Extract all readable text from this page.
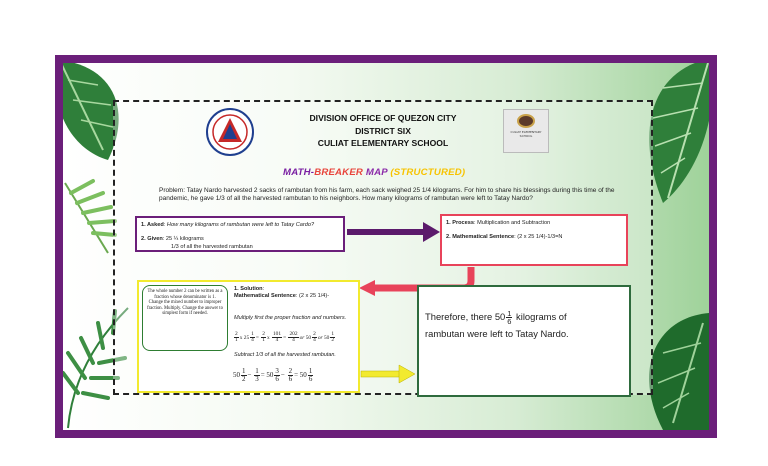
CULIAT ELEMENTARY SCHOOL
DIVISION OFFICE OF QUEZON CITY
DISTRICT SIX
CULIAT ELEMENTARY SCHOOL
MATH-BREAKER MAP (STRUCTURED)
Problem: Tatay Nardo harvested 2 sacks of rambutan from his farm, each sack weighed 25 1/4 kilograms. For him to share his blessings during this time of the pandemic, he gave 1/3 of all the harvested rambutan to his neighbors. How many kilograms of rambutan were left to Tatay Nardo?
1. Asked: How many kilograms of rambutan were left to Tatay Cardo?
2. Given: 25 ¼ kilograms
1/3 of all the harvested rambutan
1. Process: Multiplication and Subtraction
2. Mathematical Sentence: (2 x 25 1/4)-1/3=N
The whole number 2 can be written as a fraction whose denominator is 1. Change the mixed number to improper fraction. Multiply. Change the answer to simplest form if needed.
1. Solution:
Mathematical Sentence: (2 x 25 1/4)-
Multiply first the proper fraction and numbers.
$\frac{2}{1}$ x $25 \frac{1}{4} = \frac{2}{1}$ x $\frac{101}{4} = \frac{202}{4}$ or $50 \frac{2}{4}$ or $50 \frac{1}{2}$
Subtract 1/3 of all the harvested rambutan.
$50 \frac{1}{2} - \frac{1}{3} = 50 \frac{3}{6} - \frac{2}{6} = 50 \frac{1}{6}$
Therefore, there $50 \frac{1}{6}$ kilograms of
rambutan were left to Tatay Nardo.
